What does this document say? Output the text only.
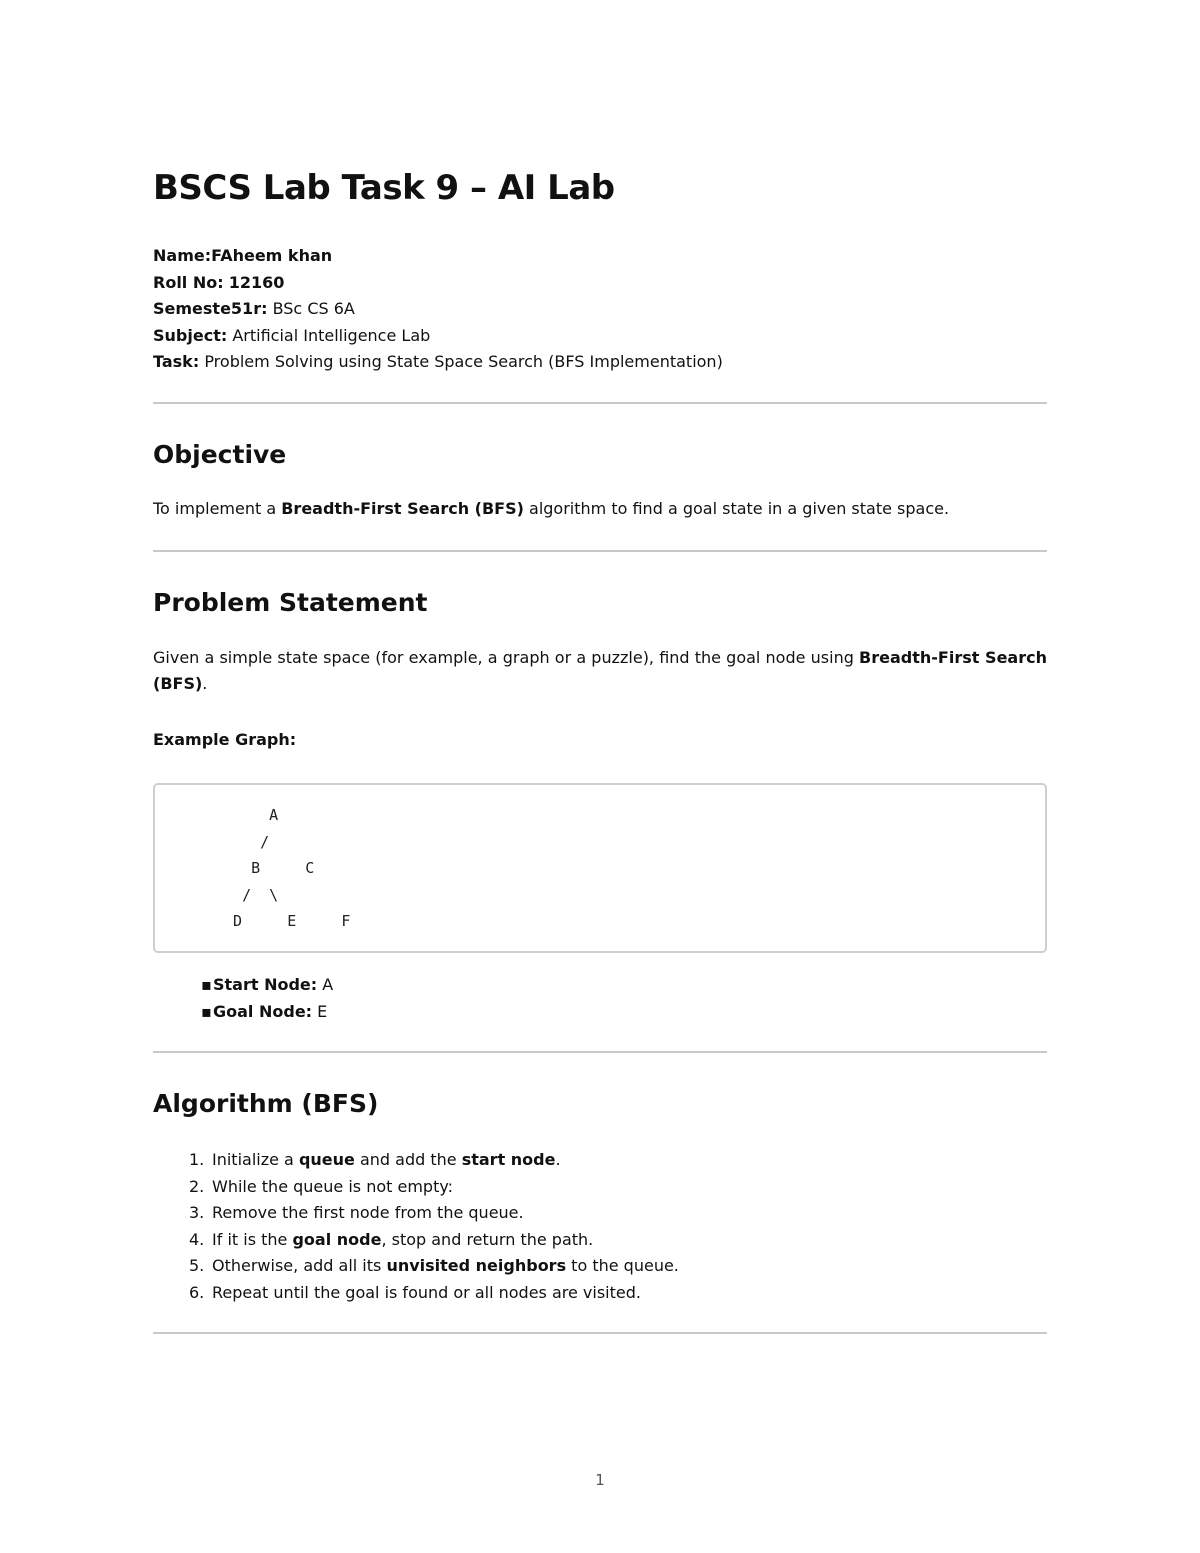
BSCS Lab Task 9 – AI Lab
Name:FAheem khan
Roll No: 12160
Semeste51r: BSc CS 6A
Subject: Artificial Intelligence Lab
Task: Problem Solving using State Space Search (BFS Implementation)
Objective

To implement a Breadth-First Search (BFS) algorithm to find a goal state in a given state space.

Problem Statement

Given a simple state space (for example, a graph or a puzzle), find the goal node using Breadth-First Search (BFS).

Example Graph:

A
/
B     C
/  \
D     E     F
▪Start Node: A
▪Goal Node: E
Algorithm (BFS)
1. Initialize a queue and add the start node.
2. While the queue is not empty:
3. Remove the first node from the queue.
4. If it is the goal node, stop and return the path.
5. Otherwise, add all its unvisited neighbors to the queue.
6. Repeat until the goal is found or all nodes are visited.
1
